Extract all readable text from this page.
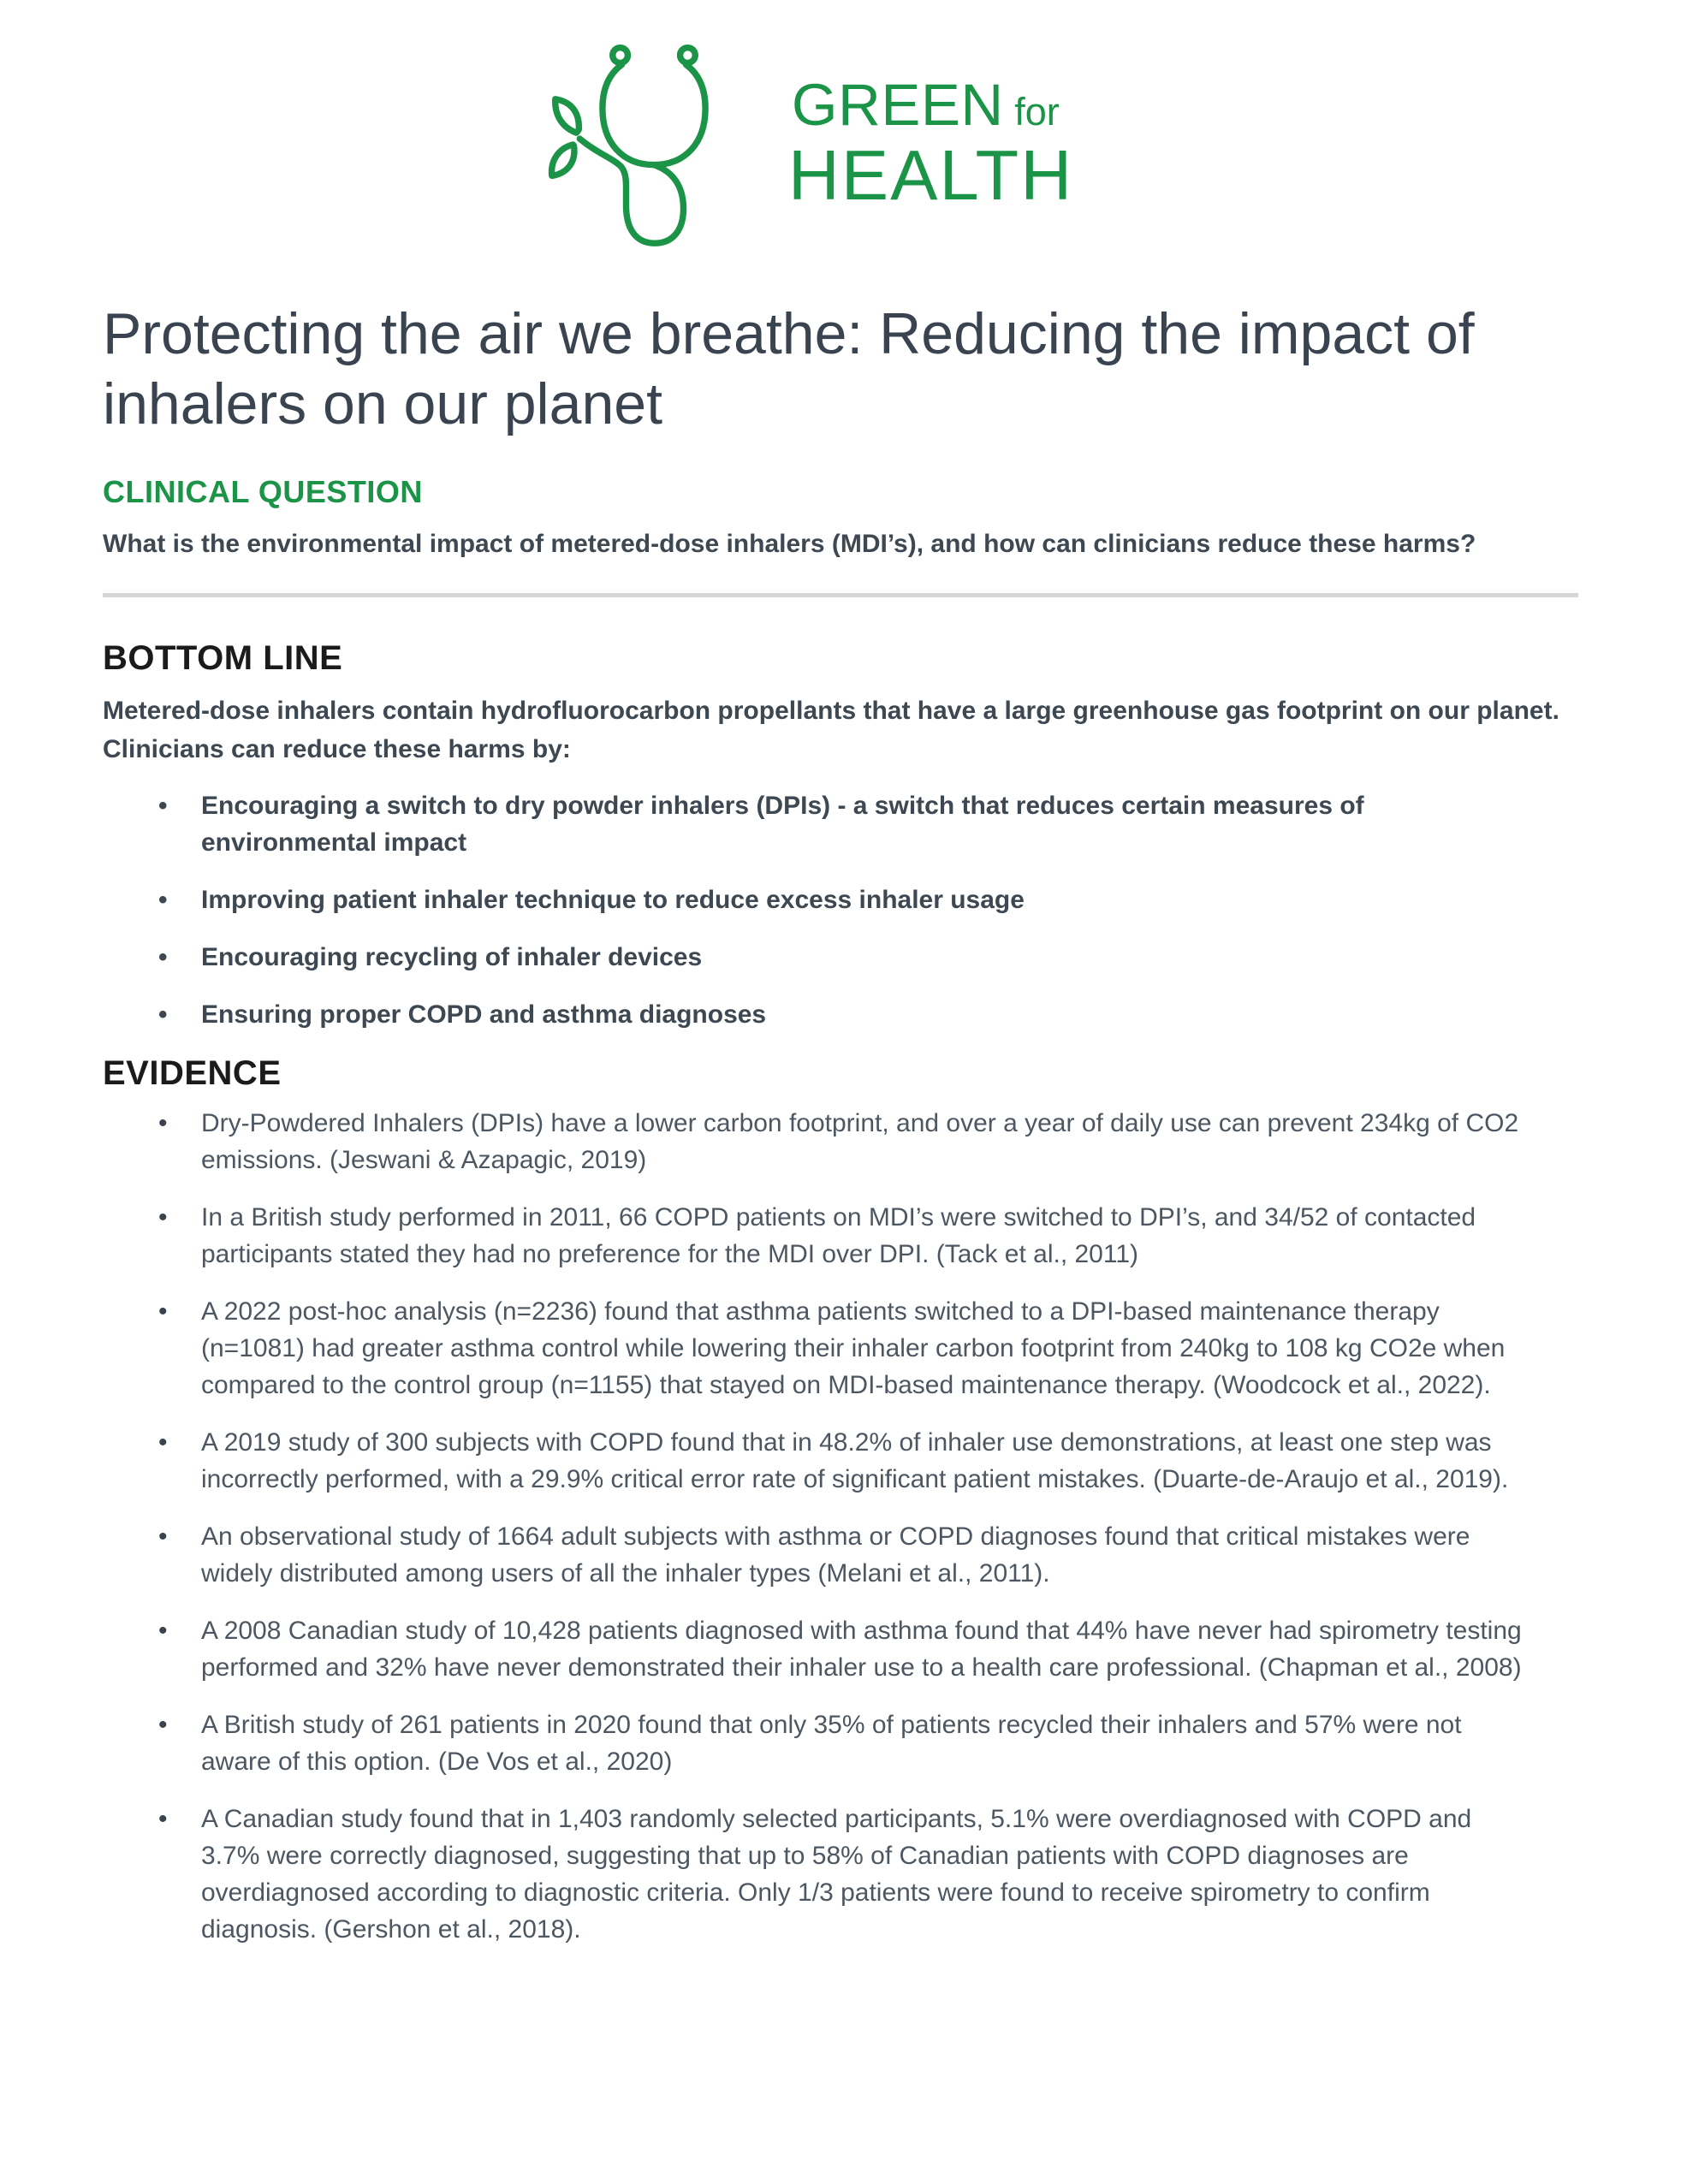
GREEN for
HEALTH
Protecting the air we breathe: Reducing the impact of inhalers on our planet
CLINICAL QUESTION

What is the environmental impact of metered-dose inhalers (MDI’s), and how can clinicians reduce these harms?

BOTTOM LINE

Metered-dose inhalers contain hydrofluorocarbon propellants that have a large greenhouse gas footprint on our planet. Clinicians can reduce these harms by:

• Encouraging a switch to dry powder inhalers (DPIs) - a switch that reduces certain measures of environmental impact
• Improving patient inhaler technique to reduce excess inhaler usage
• Encouraging recycling of inhaler devices
• Ensuring proper COPD and asthma diagnoses
EVIDENCE
• Dry-Powdered Inhalers (DPIs) have a lower carbon footprint, and over a year of daily use can prevent 234kg of CO2 emissions. (Jeswani & Azapagic, 2019)
• In a British study performed in 2011, 66 COPD patients on MDI’s were switched to DPI’s, and 34/52 of contacted participants stated they had no preference for the MDI over DPI. (Tack et al., 2011)
• A 2022 post-hoc analysis (n=2236) found that asthma patients switched to a DPI-based maintenance therapy (n=1081) had greater asthma control while lowering their inhaler carbon footprint from 240kg to 108 kg CO2e when compared to the control group (n=1155) that stayed on MDI-based maintenance therapy. (Woodcock et al., 2022).
• A 2019 study of 300 subjects with COPD found that in 48.2% of inhaler use demonstrations, at least one step was incorrectly performed, with a 29.9% critical error rate of significant patient mistakes. (Duarte-de-Araujo et al., 2019).
• An observational study of 1664 adult subjects with asthma or COPD diagnoses found that critical mistakes were widely distributed among users of all the inhaler types (Melani et al., 2011).
• A 2008 Canadian study of 10,428 patients diagnosed with asthma found that 44% have never had spirometry testing performed and 32% have never demonstrated their inhaler use to a health care professional. (Chapman et al., 2008)
• A British study of 261 patients in 2020 found that only 35% of patients recycled their inhalers and 57% were not aware of this option. (De Vos et al., 2020)
• A Canadian study found that in 1,403 randomly selected participants, 5.1% were overdiagnosed with COPD and 3.7% were correctly diagnosed, suggesting that up to 58% of Canadian patients with COPD diagnoses are overdiagnosed according to diagnostic criteria. Only 1/3 patients were found to receive spirometry to confirm diagnosis. (Gershon et al., 2018).
